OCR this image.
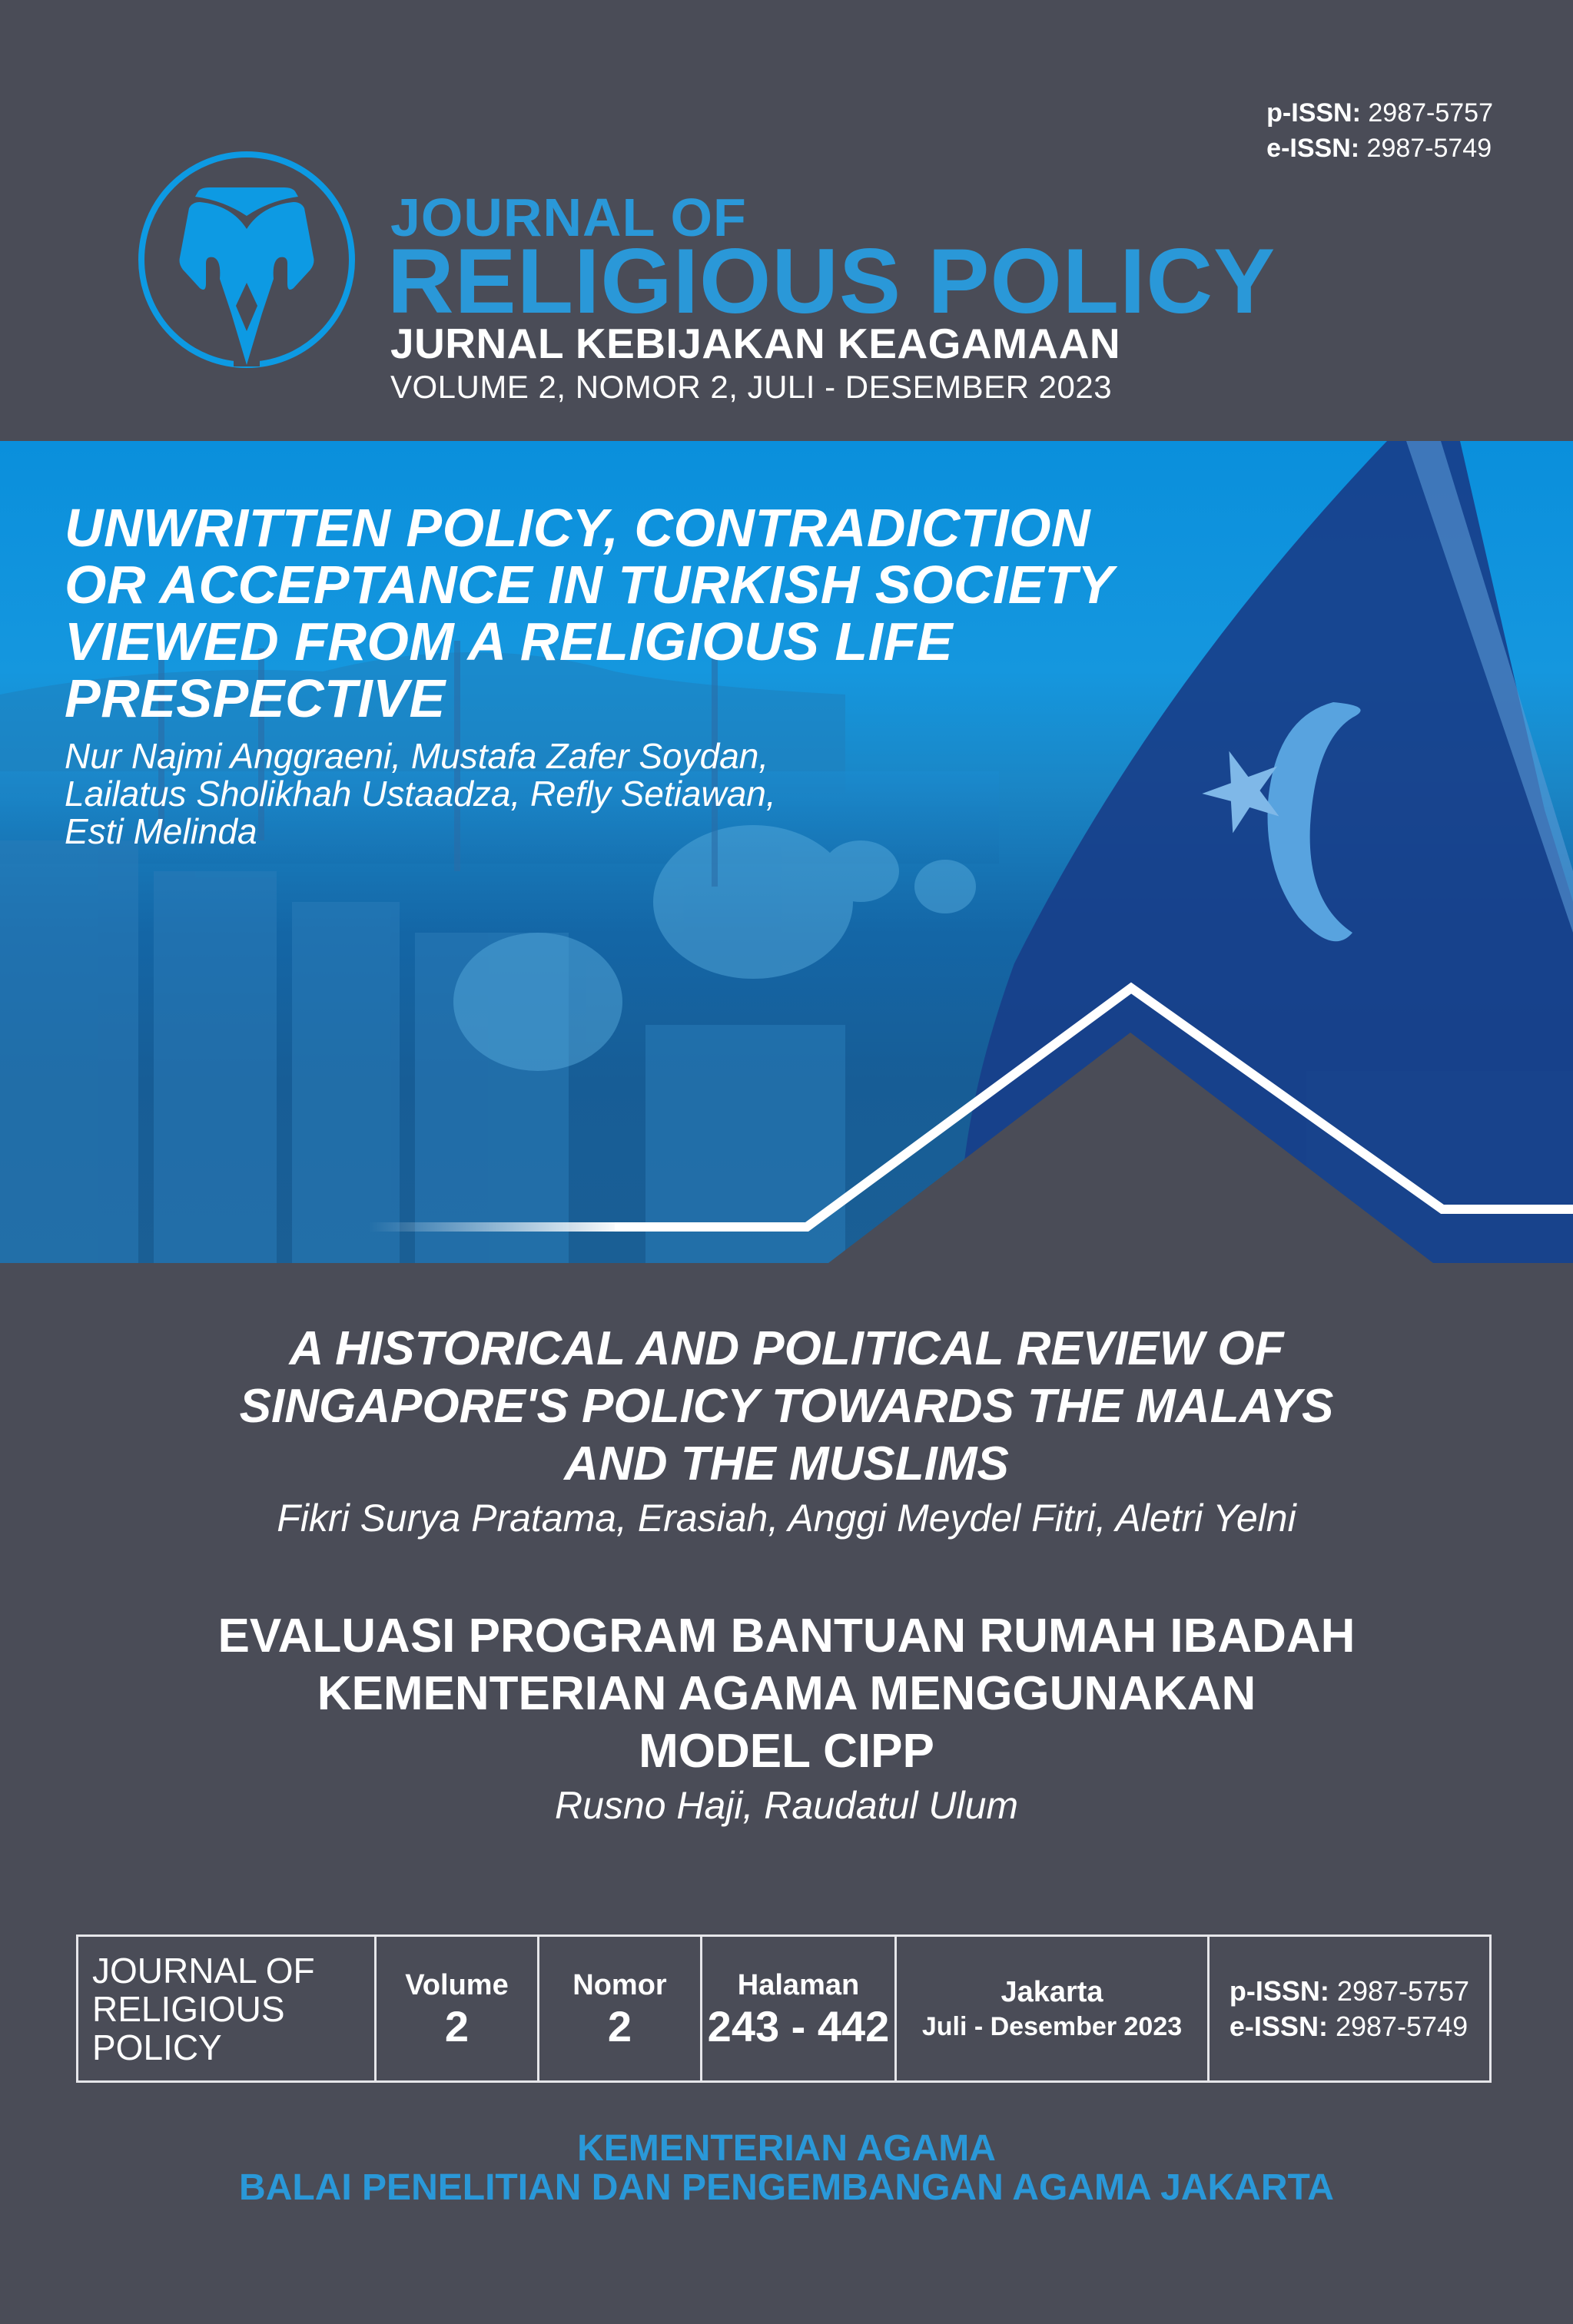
p-ISSN: 2987-5757
e-ISSN: 2987-5749
JOURNAL OF
RELIGIOUS POLICY
JURNAL KEBIJAKAN KEAGAMAAN
VOLUME 2, NOMOR 2, JULI - DESEMBER 2023
UNWRITTEN POLICY, CONTRADICTION
OR ACCEPTANCE IN TURKISH SOCIETY
VIEWED FROM A RELIGIOUS LIFE
PRESPECTIVE
Nur Najmi Anggraeni, Mustafa Zafer Soydan,
Lailatus Sholikhah Ustaadza, Refly Setiawan,
Esti Melinda
A HISTORICAL AND POLITICAL REVIEW OF
SINGAPORE'S POLICY TOWARDS THE MALAYS
AND THE MUSLIMS
Fikri Surya Pratama, Erasiah, Anggi Meydel Fitri, Aletri Yelni
EVALUASI PROGRAM BANTUAN RUMAH IBADAH
KEMENTERIAN AGAMA MENGGUNAKAN
MODEL CIPP
Rusno Haji, Raudatul Ulum
JOURNAL OF
RELIGIOUS
POLICY
Volume
2
Nomor
2
Halaman
243 - 442
Jakarta
Juli - Desember 2023
p-ISSN: 2987-5757
e-ISSN: 2987-5749
KEMENTERIAN AGAMA
BALAI PENELITIAN DAN PENGEMBANGAN AGAMA JAKARTA
